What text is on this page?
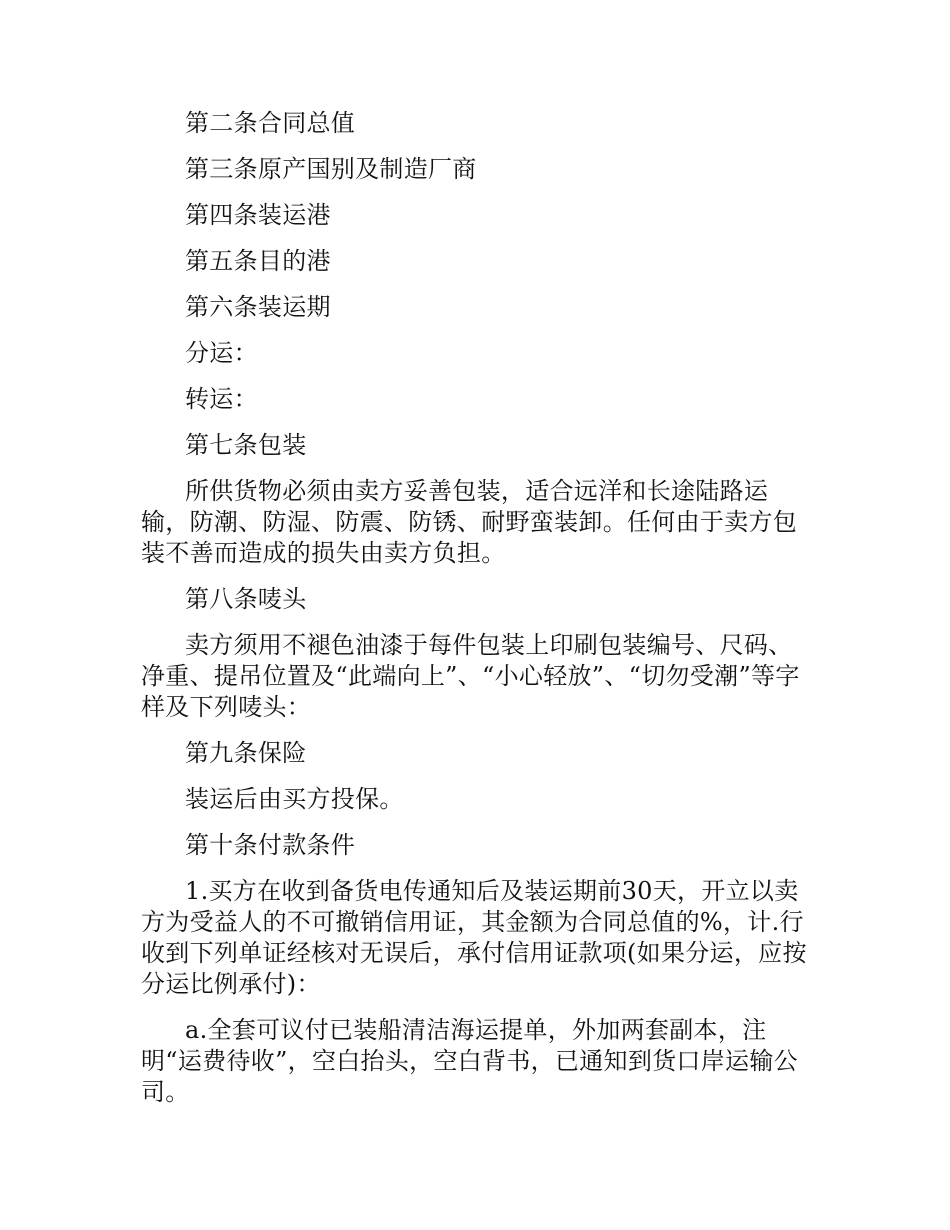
第二条合同总值

第三条原产国别及制造厂商

第四条装运港

第五条目的港

第六条装运期

分运：

转运：

第七条包装

所供货物必须由卖方妥善包装，适合远洋和长途陆路运输，防潮、防湿、防震、防锈、耐野蛮装卸。任何由于卖方包装不善而造成的损失由卖方负担。

第八条唛头

卖方须用不褪色油漆于每件包装上印刷包装编号、尺码、净重、提吊位置及“此端向上”、“小心轻放”、“切勿受潮”等字样及下列唛头：

第九条保险

装运后由买方投保。

第十条付款条件

1.买方在收到备货电传通知后及装运期前30天，开立以卖方为受益人的不可撤销信用证，其金额为合同总值的%，计.行收到下列单证经核对无误后，承付信用证款项(如果分运，应按分运比例承付)：

a.全套可议付已装船清洁海运提单，外加两套副本，注明“运费待收”，空白抬头，空白背书，已通知到货口岸运输公司。
